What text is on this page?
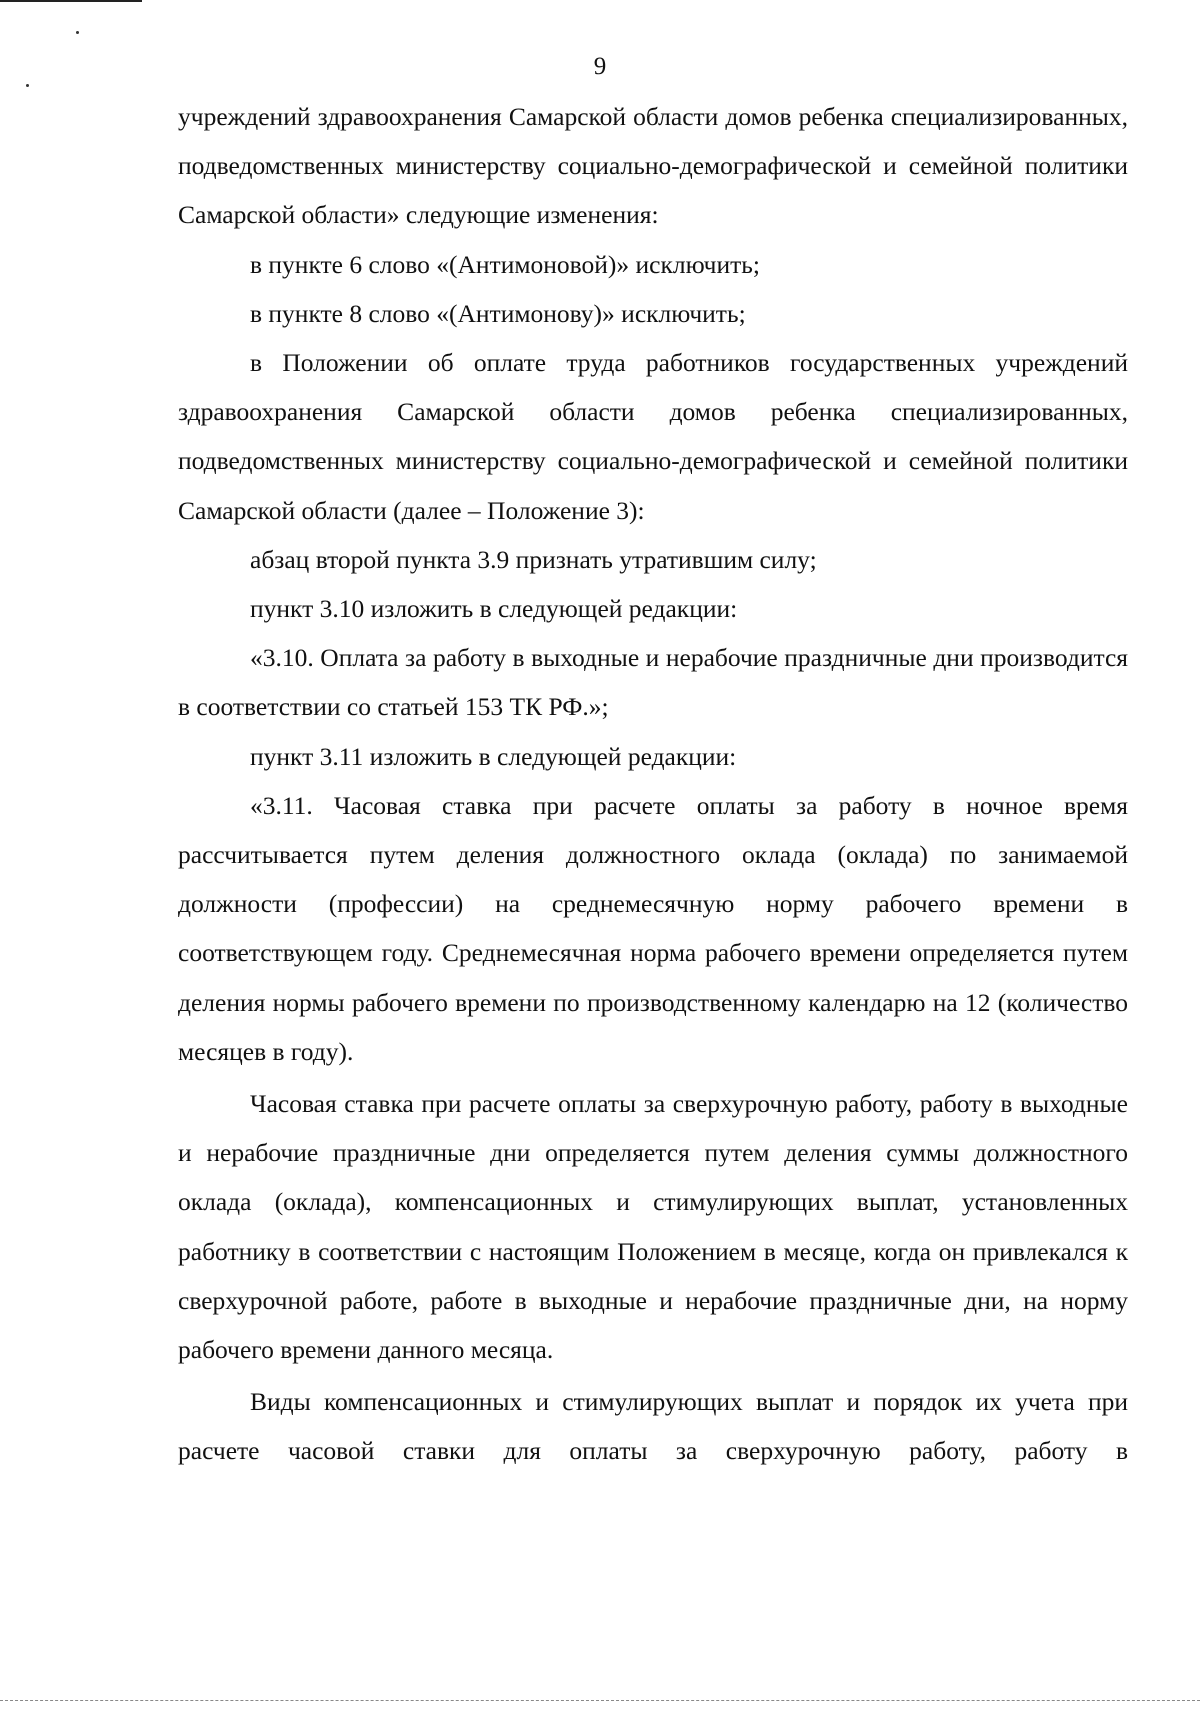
9

учреждений здравоохранения Самарской области домов ребенка специализированных, подведомственных министерству социально-демографической и семейной политики Самарской области» следующие изменения:

в пункте 6 слово «(Антимоновой)» исключить;

в пункте 8 слово «(Антимонову)» исключить;

в Положении об оплате труда работников государственных учреждений здравоохранения Самарской области домов ребенка специализированных, подведомственных министерству социально-демографической и семейной политики Самарской области (далее – Положение 3):

абзац второй пункта 3.9 признать утратившим силу;

пункт 3.10 изложить в следующей редакции:

«3.10. Оплата за работу в выходные и нерабочие праздничные дни производится в соответствии со статьей 153 ТК РФ.»;

пункт 3.11 изложить в следующей редакции:

«3.11. Часовая ставка при расчете оплаты за работу в ночное время рассчитывается путем деления должностного оклада (оклада) по занимаемой должности (профессии) на среднемесячную норму рабочего времени в соответствующем году. Среднемесячная норма рабочего времени определяется путем деления нормы рабочего времени по производственному календарю на 12 (количество месяцев в году).

Часовая ставка при расчете оплаты за сверхурочную работу, работу в выходные и нерабочие праздничные дни определяется путем деления суммы должностного оклада (оклада), компенсационных и стимулирующих выплат, установленных работнику в соответствии с настоящим Положением в месяце, когда он привлекался к сверхурочной работе, работе в выходные и нерабочие праздничные дни, на норму рабочего времени данного месяца.

Виды компенсационных и стимулирующих выплат и порядок их учета при расчете часовой ставки для оплаты за сверхурочную работу, работу в
